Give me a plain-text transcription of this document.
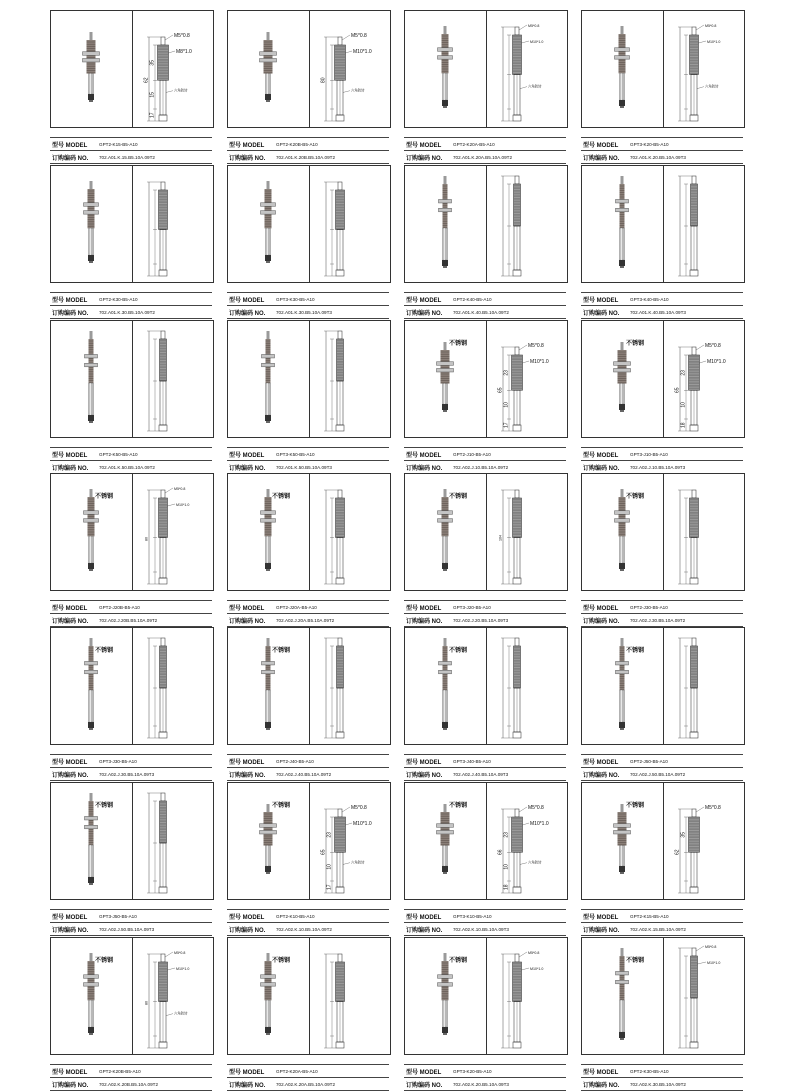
M5*0.8
M8*1.0
六角防转
62
35
15
17
型号 MODEL	GPT2-K15-B5-A10
订购编码 NO.	702.A01.K.15.B5.10A.09T2
M5*0.8
M10*1.0
六角防转
80
型号 MODEL	GPT2-K20B-B5-A10
订购编码 NO.	702.A01.K.20B.B5.10A.09T2
M5*0.8
M10*1.0
六角防转
型号 MODEL	GPT2-K20A-B5-A10
订购编码 NO.	702.A01.K.20A.B5.10A.09T2
M5*0.8
M10*1.0
六角防转
型号 MODEL	GPT3-K20-B5-A10
订购编码 NO.	702.A01.K.20.B5.10A.09T3
型号 MODEL	GPT2-K30-B5-A10
订购编码 NO.	702.A01.K.30.B5.10A.09T2
型号 MODEL	GPT3-K30-B5-A10
订购编码 NO.	702.A01.K.30.B5.10A.09T3
型号 MODEL	GPT2-K40-B5-A10
订购编码 NO.	702.A01.K.40.B5.10A.09T2
型号 MODEL	GPT3-K40-B5-A10
订购编码 NO.	702.A01.K.40.B5.10A.09T3
型号 MODEL	GPT2-K50-B5-A10
订购编码 NO.	702.A01.K.50.B5.10A.09T2
型号 MODEL	GPT3-K50-B5-A10
订购编码 NO.	702.A01.K.50.B5.10A.09T3
M5*0.8
M10*1.0
65
23
10
17
不锈钢
型号 MODEL	GPT2-J10-B5-A10
订购编码 NO.	702.A02.J.10.B5.10A.09T2
M5*0.8
M10*1.0
65
23
10
18
不锈钢
型号 MODEL	GPT3-J10-B5-A10
订购编码 NO.	702.A02.J.10.B5.10A.09T3
M5*0.8
M10*1.0
80
不锈钢
型号 MODEL	GPT2-J20B-B5-A10
订购编码 NO.	702.A02.J.20B.B5.10A.09T2
不锈钢
型号 MODEL	GPT2-J20A-B5-A10
订购编码 NO.	702.A02.J.20A.B5.10A.09T2
104
不锈钢
型号 MODEL	GPT3-J20-B5-A10
订购编码 NO.	702.A02.J.20.B5.10A.09T3
不锈钢
型号 MODEL	GPT2-J30-B5-A10
订购编码 NO.	702.A02.J.30.B5.10A.09T2
不锈钢
型号 MODEL	GPT3-J30-B5-A10
订购编码 NO.	702.A02.J.30.B5.10A.09T3
不锈钢
型号 MODEL	GPT2-J40-B5-A10
订购编码 NO.	702.A02.J.40.B5.10A.09T2
不锈钢
型号 MODEL	GPT3-J40-B5-A10
订购编码 NO.	702.A02.J.40.B5.10A.09T3
不锈钢
型号 MODEL	GPT2-J50-B5-A10
订购编码 NO.	702.A02.J.50.B5.10A.09T2
不锈钢
型号 MODEL	GPT3-J50-B5-A10
订购编码 NO.	702.A02.J.50.B5.10A.09T3
M5*0.8
M10*1.0
六角防转
65
23
10
17
不锈钢
型号 MODEL	GPT2-K10-B5-A10
订购编码 NO.	702.A02.K.10.B5.10A.09T2
M5*0.8
M10*1.0
六角防转
66
23
10
18
不锈钢
型号 MODEL	GPT3-K10-B5-A10
订购编码 NO.	702.A02.K.10.B5.10A.09T3
M5*0.8
62
35
不锈钢
型号 MODEL	GPT2-K15-B5-A10
订购编码 NO.	702.A02.K.15.B5.10A.09T2
M5*0.8
M10*1.0
六角防转
80
不锈钢
型号 MODEL	GPT2-K20B-B5-A10
订购编码 NO.	702.A02.K.20B.B5.10A.09T2
不锈钢
型号 MODEL	GPT2-K20A-B5-A10
订购编码 NO.	702.A02.K.20A.B5.10A.09T2
M5*0.8
M10*1.0
不锈钢
型号 MODEL	GPT3-K20-B5-A10
订购编码 NO.	702.A02.K.20.B5.10A.09T3
M5*0.8
M10*1.0
不锈钢
型号 MODEL	GPT2-K30-B5-A10
订购编码 NO.	702.A02.K.30.B5.10A.09T2
